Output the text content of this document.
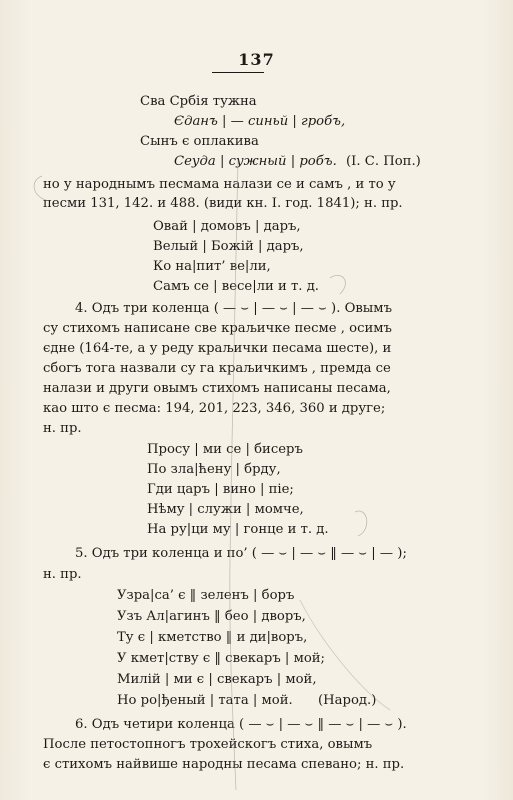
137
Сва Србiя тужна
Єданъ | — синьй | гробъ,
Сынъ є оплакива
Сеуда | сужный | робъ. (I. С. Поп.)
но у народнымъ песмама налази се и самъ , и то у
песми 131, 142. и 488. (види кн. I. год. 1841); н. пр.
Овай | домовъ | даръ,
Велый | Божiй | даръ,
Ко на|пит’ ве|ли,
Самъ се | весе|ли и т. д.
4. Одъ три коленца ( — ⌣ | — ⌣ | — ⌣ ). Овымъ
су стихомъ написане све краљичке песме , осимъ
єдне (164-те, а у реду краљички песама шесте), и
сбогъ тога назвали су га краљичкимъ , премда се
налази и други овымъ стихомъ написаны песама,
као што є песма: 194, 201, 223, 346, 360 и друге;
н. пр.
Просу | ми се | бисеръ
По зла|ћену | брду,
Гди царъ | вино | пiе;
Нѣму | служи | момче,
На ру|ци му | гонце и т. д.
5. Одъ три коленца и по’ ( — ⌣ | — ⌣ ‖ — ⌣ | — );
н. пр.
Узра|са’ є ‖ зеленъ | боръ
Узъ Ал|агинъ ‖ бео | дворъ,
Ту є | кметство ‖ и ди|воръ,
У кмет|ству є ‖ свекаръ | мой;
Милiй | ми є | свекаръ | мой,
Но ро|ђеный | тата | мой. (Народ.)
6. Одъ четири коленца ( — ⌣ | — ⌣ ‖ — ⌣ | — ⌣ ).
После петостопногъ трохейскогъ стиха, овымъ
є стихомъ найвише народны песама спевано; н. пр.
